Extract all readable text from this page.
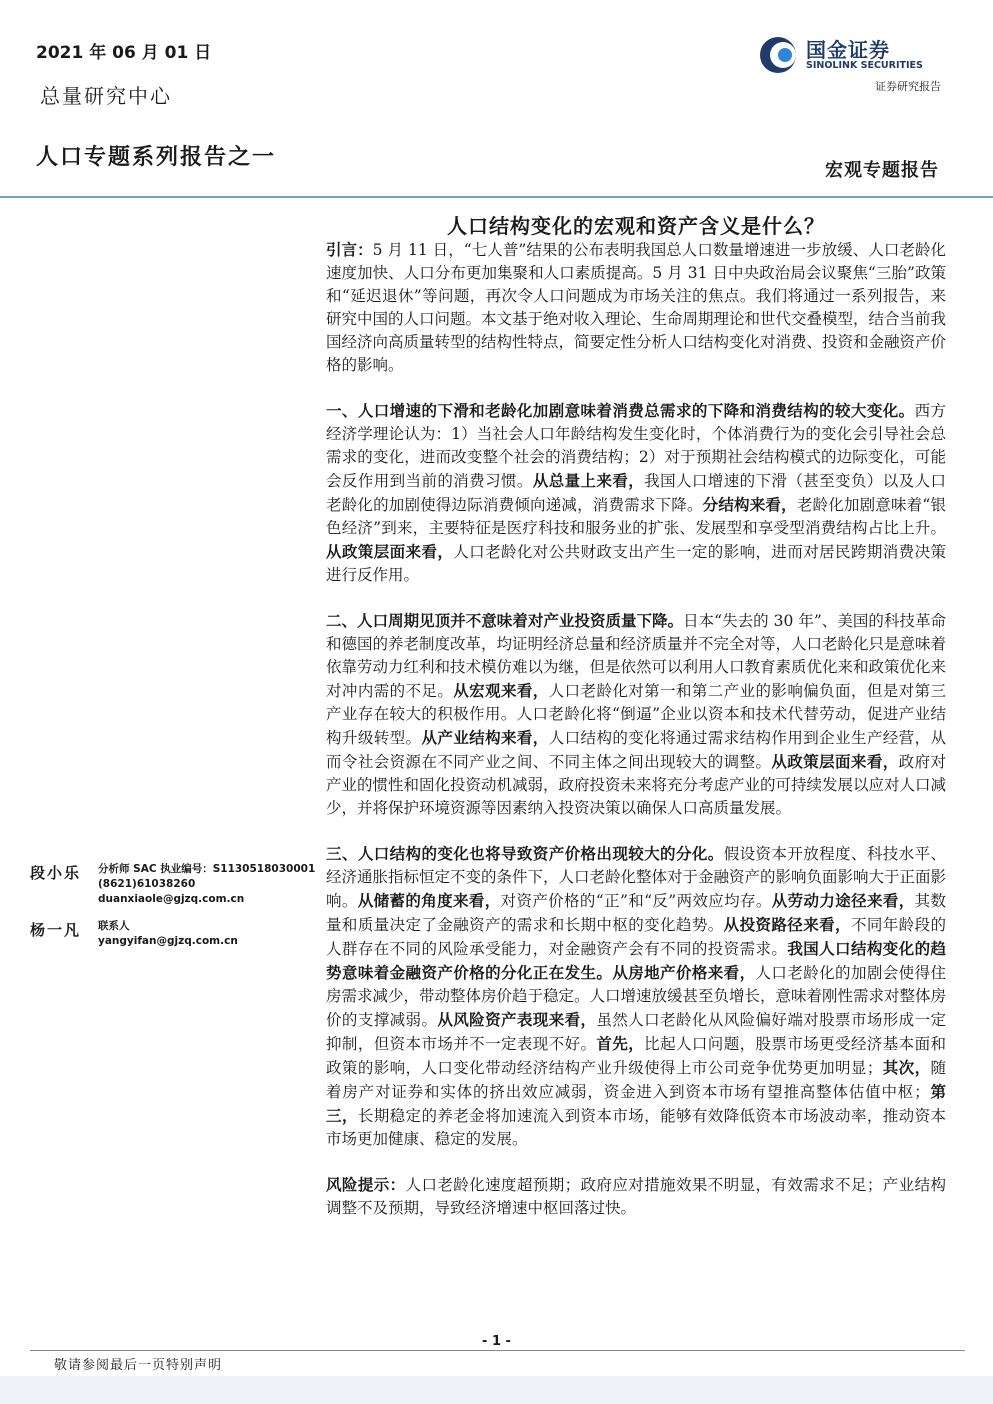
2021 年 06 月 01 日
总量研究中心
人口专题系列报告之一
国金证券
SINOLINK SECURITIES
证券研究报告
宏观专题报告
人口结构变化的宏观和资产含义是什么？

引言：5 月 11 日，“七人普”结果的公布表明我国总人口数量增速进一步放缓、人口老龄化速度加快、人口分布更加集聚和人口素质提高。5 月 31 日中央政治局会议聚焦“三胎”政策和“延迟退休”等问题，再次令人口问题成为市场关注的焦点。我们将通过一系列报告，来研究中国的人口问题。本文基于绝对收入理论、生命周期理论和世代交叠模型，结合当前我国经济向高质量转型的结构性特点，简要定性分析人口结构变化对消费、投资和金融资产价格的影响。

一、人口增速的下滑和老龄化加剧意味着消费总需求的下降和消费结构的较大变化。西方经济学理论认为：1）当社会人口年龄结构发生变化时，个体消费行为的变化会引导社会总需求的变化，进而改变整个社会的消费结构；2）对于预期社会结构模式的边际变化，可能会反作用到当前的消费习惯。从总量上来看，我国人口增速的下滑（甚至变负）以及人口老龄化的加剧使得边际消费倾向递减，消费需求下降。分结构来看，老龄化加剧意味着“银色经济”到来，主要特征是医疗科技和服务业的扩张、发展型和享受型消费结构占比上升。从政策层面来看，人口老龄化对公共财政支出产生一定的影响，进而对居民跨期消费决策进行反作用。

二、人口周期见顶并不意味着对产业投资质量下降。日本“失去的 30 年”、美国的科技革命和德国的养老制度改革，均证明经济总量和经济质量并不完全对等，人口老龄化只是意味着依靠劳动力红利和技术模仿难以为继，但是依然可以利用人口教育素质优化来和政策优化来对冲内需的不足。从宏观来看，人口老龄化对第一和第二产业的影响偏负面，但是对第三产业存在较大的积极作用。人口老龄化将“倒逼”企业以资本和技术代替劳动，促进产业结构升级转型。从产业结构来看，人口结构的变化将通过需求结构作用到企业生产经营，从而令社会资源在不同产业之间、不同主体之间出现较大的调整。从政策层面来看，政府对产业的惯性和固化投资动机减弱，政府投资未来将充分考虑产业的可持续发展以应对人口减少，并将保护环境资源等因素纳入投资决策以确保人口高质量发展。

三、人口结构的变化也将导致资产价格出现较大的分化。假设资本开放程度、科技水平、经济通胀指标恒定不变的条件下，人口老龄化整体对于金融资产的影响负面影响大于正面影响。从储蓄的角度来看，对资产价格的“正”和“反”两效应均存。从劳动力途径来看，其数量和质量决定了金融资产的需求和长期中枢的变化趋势。从投资路径来看，不同年龄段的人群存在不同的风险承受能力，对金融资产会有不同的投资需求。我国人口结构变化的趋势意味着金融资产价格的分化正在发生。从房地产价格来看，人口老龄化的加剧会使得住房需求减少，带动整体房价趋于稳定。人口增速放缓甚至负增长，意味着刚性需求对整体房价的支撑减弱。从风险资产表现来看，虽然人口老龄化从风险偏好端对股票市场形成一定抑制，但资本市场并不一定表现不好。首先，比起人口问题，股票市场更受经济基本面和政策的影响，人口变化带动经济结构产业升级使得上市公司竞争优势更加明显；其次，随着房产对证券和实体的挤出效应减弱，资金进入到资本市场有望推高整体估值中枢；第三，长期稳定的养老金将加速流入到资本市场，能够有效降低资本市场波动率，推动资本市场更加健康、稳定的发展。

风险提示：人口老龄化速度超预期；政府应对措施效果不明显，有效需求不足；产业结构调整不及预期，导致经济增速中枢回落过快。

段小乐	分析师 SAC 执业编号：S1130518030001
(8621)61038260
duanxiaole@gjzq.com.cn
杨一凡	联系人
yangyifan@gjzq.com.cn
- 1 -
敬请参阅最后一页特别声明
